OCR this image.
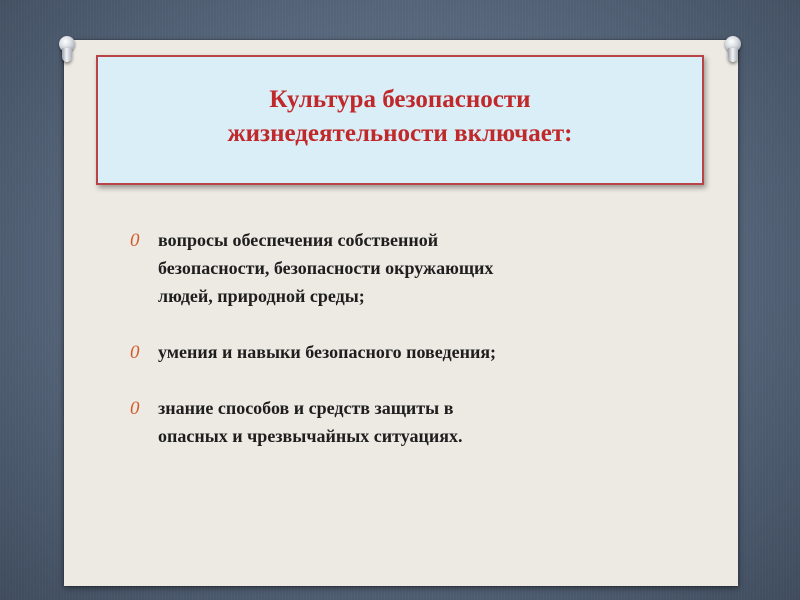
Культура безопасности
жизнедеятельности включает:
0 вопросы обеспечения собственной
безопасности, безопасности окружающих
людей, природной среды;
0 умения и навыки безопасного поведения;
0 знание способов и средств защиты в
опасных и чрезвычайных ситуациях.
